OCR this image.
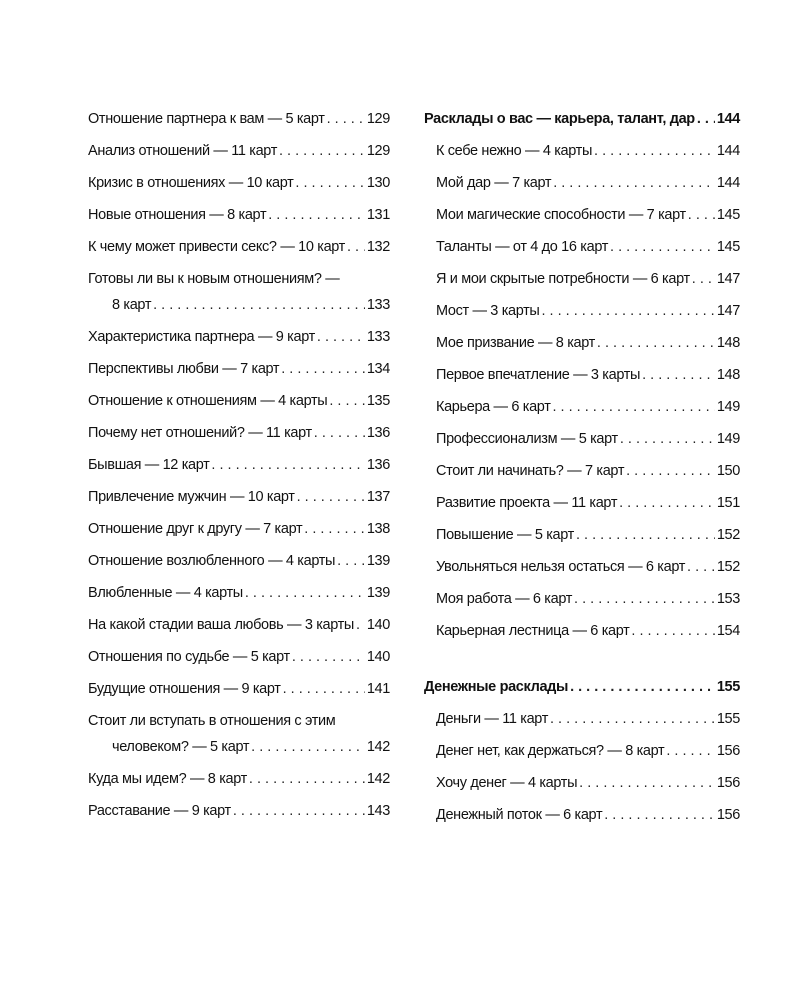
Отношение партнера к вам — 5 карт . . .	129
Анализ отношений — 11 карт . . .	129
Кризис в отношениях — 10 карт . . .	130
Новые отношения — 8 карт . . .	131
К чему может привести секс? — 10 карт . . . 132
Готовы ли вы к новым отношениям? —
8 карт . . .	133
Характеристика партнера — 9 карт . . .	133
Перспективы любви — 7 карт . . .	134
Отношение к отношениям — 4 карты . . .	135
Почему нет отношений? — 11 карт . . .	136
Бывшая — 12 карт . . .	136
Привлечение мужчин — 10 карт . . .	137
Отношение друг к другу — 7 карт . . .	138
Отношение возлюбленного — 4 карты . . . 139
Влюбленные — 4 карты . . .	139
На какой стадии ваша любовь — 3 карты . . . 140
Отношения по судьбе — 5 карт . . .	140
Будущие отношения — 9 карт . . .	141
Стоит ли вступать в отношения с этим
человеком? — 5 карт . . .	142
Куда мы идем? — 8 карт . . .	142
Расставание — 9 карт . . .	143
Расклады о вас — карьера, талант, дар . . . 144
К себе нежно — 4 карты . . .	144
Мой дар — 7 карт . . .	144
Мои магические способности — 7 карт . . . 145
Таланты — от 4 до 16 карт . . .	145
Я и мои скрытые потребности — 6 карт . . . 147
Мост — 3 карты . . .	147
Мое призвание — 8 карт . . .	148
Первое впечатление — 3 карты . . .	148
Карьера — 6 карт . . .	149
Профессионализм — 5 карт . . .	149
Стоит ли начинать? — 7 карт . . .	150
Развитие проекта — 11 карт . . .	151
Повышение — 5 карт . . .	152
Увольняться нельзя остаться — 6 карт . . . 152
Моя работа — 6 карт . . .	153
Карьерная лестница — 6 карт . . .	154
Денежные расклады . . .	155
Деньги — 11 карт . . .	155
Денег нет, как держаться? — 8 карт . . .	156
Хочу денег — 4 карты . . .	156
Денежный поток — 6 карт . . .	156
